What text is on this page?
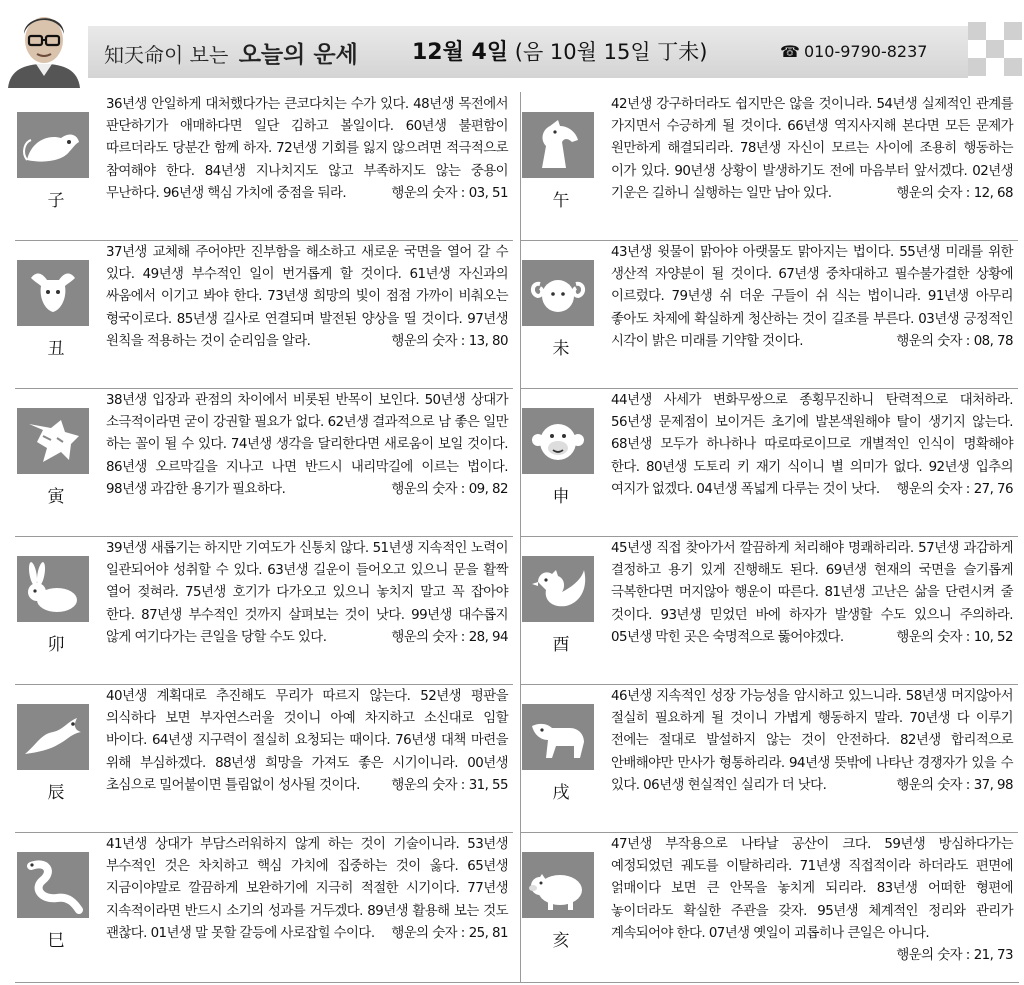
知天命이 보는 오늘의 운세 12월 4일 (음 10월 15일 丁未)	☎ 010-9790-8237
子
36년생 안일하게 대처했다가는 큰코다치는 수가 있다. 48년생 목전에서 판단하기가 애매하다면 일단 김하고 볼일이다. 60년생 불편함이 따르더라도 당분간 함께 하자. 72년생 기회를 잃지 않으려면 적극적으로 참여해야 한다. 84년생 지나치지도 않고 부족하지도 않는 중용이 무난하다. 96년생 핵심 가치에 중점을 둬라.	행운의 숫자 : 03, 51
丑
37년생 교체해 주어야만 진부함을 해소하고 새로운 국면을 열어 갈 수 있다. 49년생 부수적인 일이 번거롭게 할 것이다. 61년생 자신과의 싸움에서 이기고 봐야 한다. 73년생 희망의 빛이 점점 가까이 비춰오는 형국이로다. 85년생 길사로 연결되며 발전된 양상을 띨 것이다. 97년생 원칙을 적용하는 것이 순리임을 알라.	행운의 숫자 : 13, 80
寅
38년생 입장과 관점의 차이에서 비롯된 반목이 보인다. 50년생 상대가 소극적이라면 굳이 강권할 필요가 없다. 62년생 결과적으로 남 좋은 일만 하는 꼴이 될 수 있다. 74년생 생각을 달리한다면 새로움이 보일 것이다. 86년생 오르막길을 지나고 나면 반드시 내리막길에 이르는 법이다. 98년생 과감한 용기가 필요하다.	행운의 숫자 : 09, 82
卯
39년생 새롭기는 하지만 기여도가 신통치 않다. 51년생 지속적인 노력이 일관되어야 성취할 수 있다. 63년생 길운이 들어오고 있으니 문을 활짝 열어 젖혀라. 75년생 호기가 다가오고 있으니 놓치지 말고 꼭 잡아야 한다. 87년생 부수적인 것까지 살펴보는 것이 낫다. 99년생 대수롭지 않게 여기다가는 큰일을 당할 수도 있다.	행운의 숫자 : 28, 94
辰
40년생 계획대로 추진해도 무리가 따르지 않는다. 52년생 평판을 의식하다 보면 부자연스러울 것이니 아예 차지하고 소신대로 임할 바이다. 64년생 지구력이 절실히 요청되는 때이다. 76년생 대책 마련을 위해 부심하겠다. 88년생 희망을 가져도 좋은 시기이니라. 00년생 초심으로 밀어붙이면 틀림없이 성사될 것이다. 행운의 숫자 : 31, 55
巳
41년생 상대가 부담스러워하지 않게 하는 것이 기술이니라. 53년생 부수적인 것은 차치하고 핵심 가치에 집중하는 것이 옳다. 65년생 지금이야말로 깔끔하게 보완하기에 지극히 적절한 시기이다. 77년생 지속적이라면 반드시 소기의 성과를 거두겠다. 89년생 활용해 보는 것도 괜찮다. 01년생 말 못할 갈등에 사로잡힐 수이다. 행운의 숫자 : 25, 81
午
42년생 강구하더라도 쉽지만은 않을 것이니라. 54년생 실제적인 관계를 가지면서 수긍하게 될 것이다. 66년생 역지사지해 본다면 모든 문제가 원만하게 해결되리라. 78년생 자신이 모르는 사이에 조용히 행동하는 이가 있다. 90년생 상황이 발생하기도 전에 마음부터 앞서겠다. 02년생 기운은 길하니 실행하는 일만 남아 있다.	행운의 숫자 : 12, 68
未
43년생 윗물이 맑아야 아랫물도 맑아지는 법이다. 55년생 미래를 위한 생산적 자양분이 될 것이다. 67년생 중차대하고 필수불가결한 상황에 이르렀다. 79년생 쉬 더운 구들이 쉬 식는 법이니라. 91년생 아무리 좋아도 차제에 확실하게 청산하는 것이 길조를 부른다. 03년생 긍정적인 시각이 밝은 미래를 기약할 것이다.	행운의 숫자 : 08, 78
申
44년생 사세가 변화무쌍으로 종횡무진하니 탄력적으로 대처하라. 56년생 문제점이 보이거든 초기에 발본색원해야 탈이 생기지 않는다. 68년생 모두가 하나하나 따로따로이므로 개별적인 인식이 명확해야 한다. 80년생 도토리 키 재기 식이니 별 의미가 없다. 92년생 입추의 여지가 없겠다. 04년생 폭넓게 다루는 것이 낫다. 행운의 숫자 : 27, 76
酉
45년생 직접 찾아가서 깔끔하게 처리해야 명쾌하리라. 57년생 과감하게 결정하고 용기 있게 진행해도 된다. 69년생 현재의 국면을 슬기롭게 극복한다면 머지않아 행운이 따른다. 81년생 고난은 삶을 단련시켜 줄 것이다. 93년생 믿었던 바에 하자가 발생할 수도 있으니 주의하라. 05년생 막힌 곳은 숙명적으로 뚫어야겠다.	행운의 숫자 : 10, 52
戌
46년생 지속적인 성장 가능성을 암시하고 있느니라. 58년생 머지않아서 절실히 필요하게 될 것이니 가볍게 행동하지 말라. 70년생 다 이루기 전에는 절대로 발설하지 않는 것이 안전하다. 82년생 합리적으로 안배해야만 만사가 형통하리라. 94년생 뜻밖에 나타난 경쟁자가 있을 수 있다. 06년생 현실적인 실리가 더 낫다.	행운의 숫자 : 37, 98
亥
47년생 부작용으로 나타날 공산이 크다. 59년생 방심하다가는 예정되었던 궤도를 이탈하리라. 71년생 직접적이라 하더라도 편면에 얽매이다 보면 큰 안목을 놓치게 되리라. 83년생 어떠한 형편에 놓이더라도 확실한 주관을 갖자. 95년생 체계적인 정리와 관리가 계속되어야 한다. 07년생 옛일이 괴롭히나 큰일은 아니다.
행운의 숫자 : 21, 73
